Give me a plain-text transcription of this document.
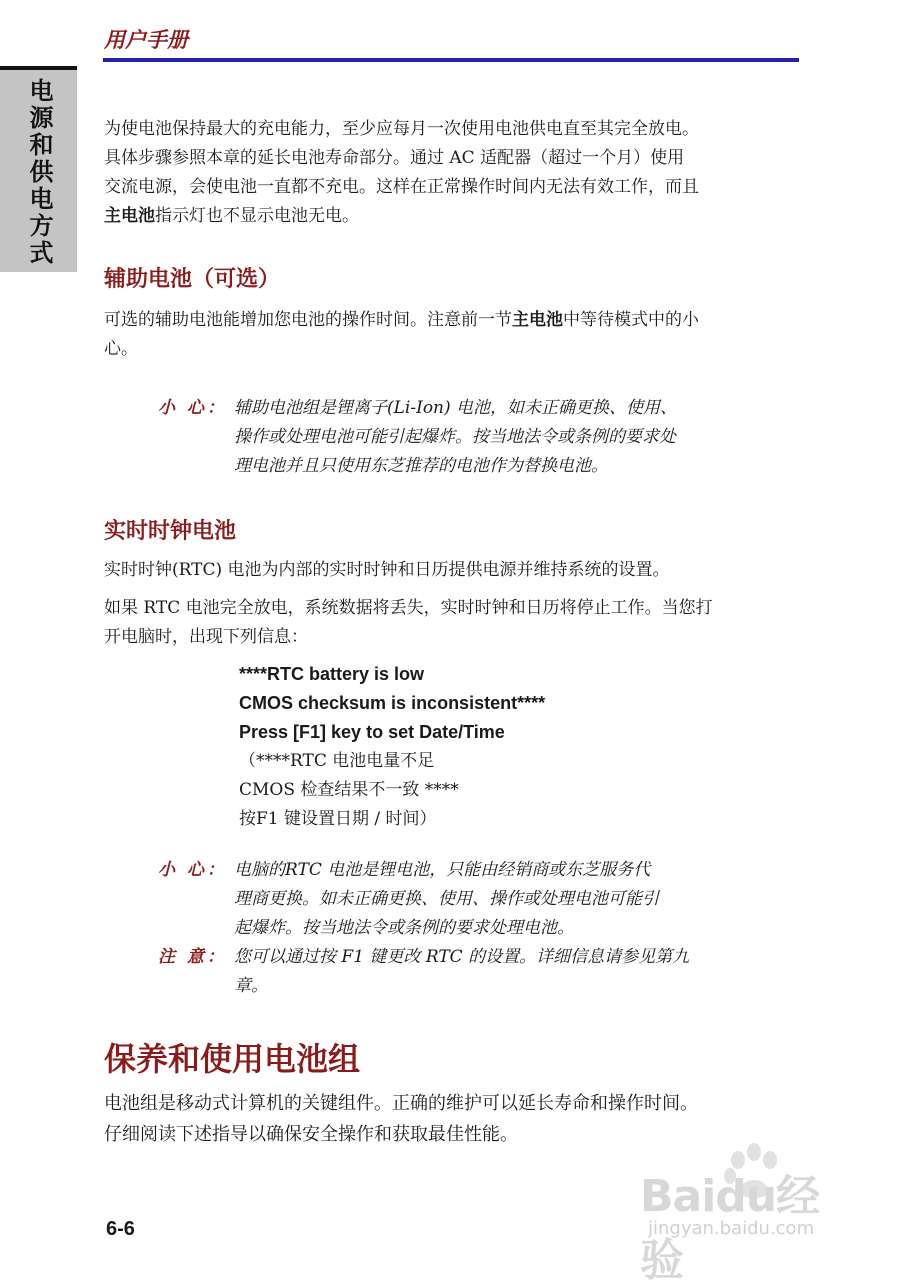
用户手册
电源和供电方式	为使电池保持最大的充电能力，至少应每月一次使用电池供电直至其完全放电。
具体步骤参照本章的延长电池寿命部分。通过 AC 适配器（超过一个月）使用
交流电源，会使电池一直都不充电。这样在正常操作时间内无法有效工作，而且
主电池指示灯也不显示电池无电。
辅助电池（可选）
可选的辅助电池能增加您电池的操作时间。注意前一节主电池中等待模式中的小
心。
小 心： 辅助电池组是锂离子(Li-Ion) 电池，如未正确更换、使用、
操作或处理电池可能引起爆炸。按当地法令或条例的要求处
理电池并且只使用东芝推荐的电池作为替换电池。
实时时钟电池
实时时钟(RTC) 电池为内部的实时时钟和日历提供电源并维持系统的设置。
如果 RTC 电池完全放电，系统数据将丢失，实时时钟和日历将停止工作。当您打
开电脑时，出现下列信息：
****RTC battery is low
CMOS checksum is inconsistent****
Press [F1] key to set Date/Time
（****RTC 电池电量不足
CMOS 检查结果不一致 ****
按F1 键设置日期 / 时间）
小 心： 电脑的RTC 电池是锂电池，只能由经销商或东芝服务代
理商更换。如未正确更换、使用、操作或处理电池可能引
起爆炸。按当地法令或条例的要求处理电池。
注 意： 您可以通过按 F1 键更改 RTC 的设置。详细信息请参见第九
章。
保养和使用电池组
电池组是移动式计算机的关键组件。正确的维护可以延长寿命和操作时间。
仔细阅读下述指导以确保安全操作和获取最佳性能。
6-6
Baidu经验
jingyan.baidu.com
